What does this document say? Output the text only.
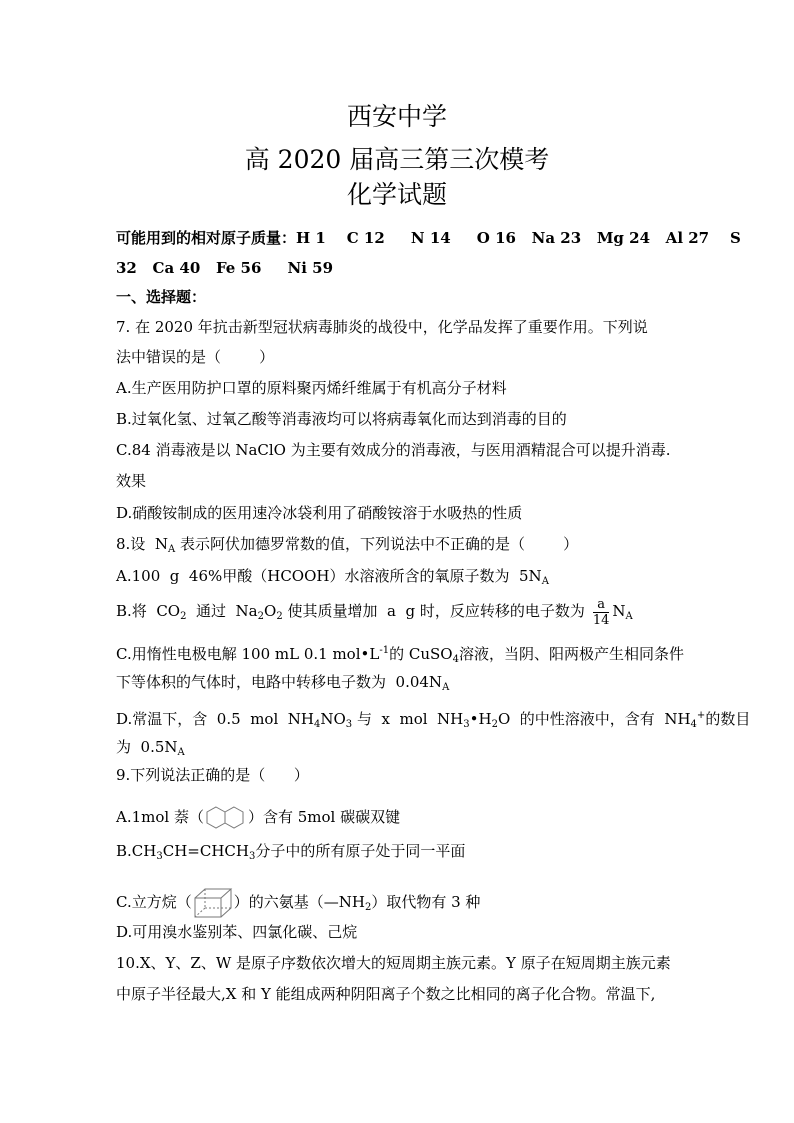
西安中学
高 2020 届高三第三次模考
化学试题
可能用到的相对原子质量：H 1    C 12     N 14     O 16   Na 23   Mg 24   Al 27    S
32   Ca 40   Fe 56     Ni 59
一、选择题：
7. 在 2020 年抗击新型冠状病毒肺炎的战役中，化学品发挥了重要作用。下列说
法中错误的是（        ）
A.生产医用防护口罩的原料聚丙烯纤维属于有机高分子材料
B.过氧化氢、过氧乙酸等消毒液均可以将病毒氧化而达到消毒的目的
C.84 消毒液是以 NaClO 为主要有效成分的消毒液，与医用酒精混合可以提升消毒.
效果
D.硝酸铵制成的医用速冷冰袋利用了硝酸铵溶于水吸热的性质
8.设  $N_A$ 表示阿伏加德罗常数的值，下列说法中不正确的是（        ）
A.100  g  46%甲酸（HCOOH）水溶液所含的氧原子数为  $5N_A$
B.将  $CO_2$  通过  $Na_2O_2$ 使其质量增加  a  g 时，反应转移的电子数为 $\frac{a}{14} N_A$
C.用惰性电极电解 100 mL 0.1 $mol•L^{-1}$的 CuSO$_4$溶液，当阴、阳两极产生相同条件
下等体积的气体时，电路中转移电子数为  $0.04N_A$
D.常温下，含  0.5  mol  $NH_4NO_3$ 与  x  mol  $NH_3•H_2O$  的中性溶液中，含有  $NH_4^+$的数目
为  $0.5N_A$
9.下列说法正确的是（      ）
A.1mol 萘（	）含有 5mol 碳碳双键
$B.CH_3CH=CHCH_3$分子中的所有原子处于同一平面
C.立方烷（	）的六氨基$(—NH_2)$取代物有 3 种
D.可用溴水鉴别苯、四氯化碳、己烷
10.X、Y、Z、W 是原子序数依次增大的短周期主族元素。Y 原子在短周期主族元素
中原子半径最大,X 和 Y 能组成两种阴阳离子个数之比相同的离子化合物。常温下,
